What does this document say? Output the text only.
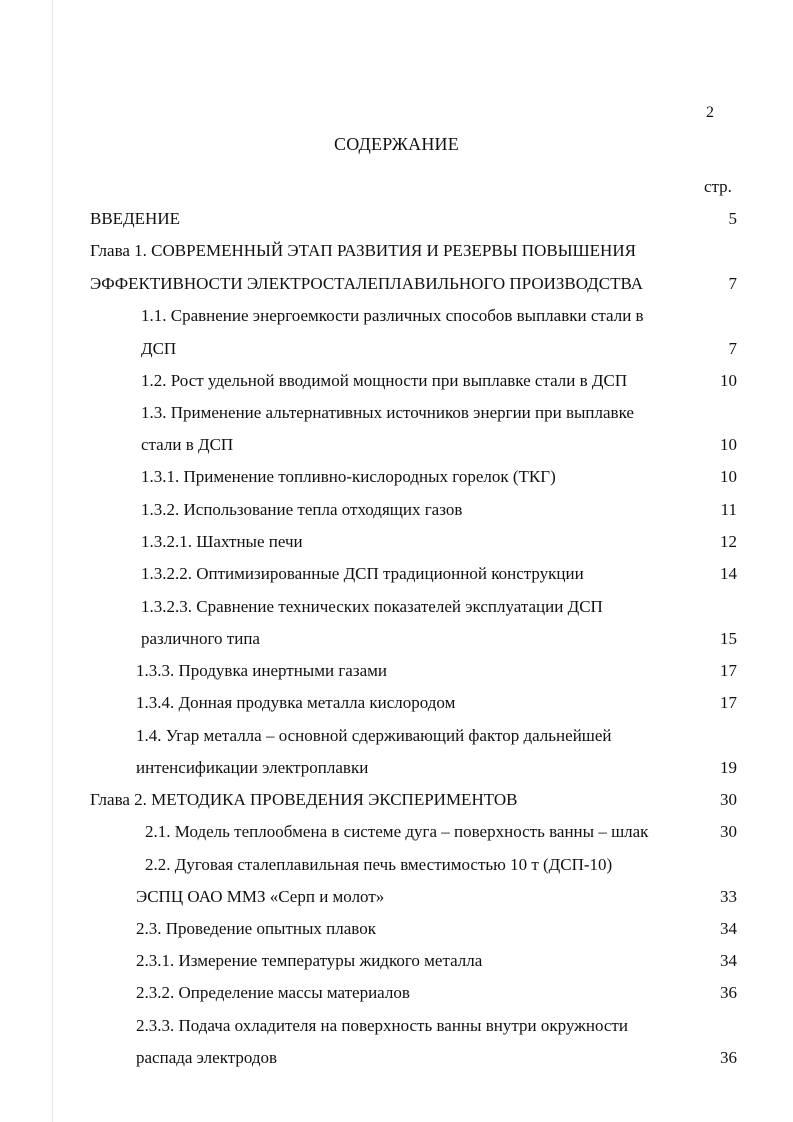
2
СОДЕРЖАНИЕ
стр.
ВВЕДЕНИЕ	5
Глава 1. СОВРЕМЕННЫЙ ЭТАП РАЗВИТИЯ И РЕЗЕРВЫ ПОВЫШЕНИЯ
ЭФФЕКТИВНОСТИ ЭЛЕКТРОСТАЛЕПЛАВИЛЬНОГО ПРОИЗВОДСТВА	7
1.1. Сравнение энергоемкости различных способов выплавки стали в
ДСП	7
1.2. Рост удельной вводимой мощности при выплавке стали в ДСП	10
1.3. Применение альтернативных источников энергии при выплавке
стали в ДСП	10
1.3.1. Применение топливно-кислородных горелок (ТКГ)	10
1.3.2. Использование тепла отходящих газов	11
1.3.2.1. Шахтные печи	12
1.3.2.2. Оптимизированные ДСП традиционной конструкции	14
1.3.2.3. Сравнение технических показателей эксплуатации ДСП
различного типа	15
1.3.3. Продувка инертными газами	17
1.3.4. Донная продувка металла кислородом	17
1.4. Угар металла – основной сдерживающий фактор дальнейшей
интенсификации электроплавки	19
Глава 2. МЕТОДИКА ПРОВЕДЕНИЯ ЭКСПЕРИМЕНТОВ	30
2.1. Модель теплообмена в системе дуга – поверхность ванны – шлак	30
2.2. Дуговая сталеплавильная печь вместимостью 10 т (ДСП-10)
ЭСПЦ ОАО ММЗ «Серп и молот»	33
2.3. Проведение опытных плавок	34
2.3.1. Измерение температуры жидкого металла	34
2.3.2. Определение массы материалов	36
2.3.3. Подача охладителя на поверхность ванны внутри окружности
распада электродов	36
